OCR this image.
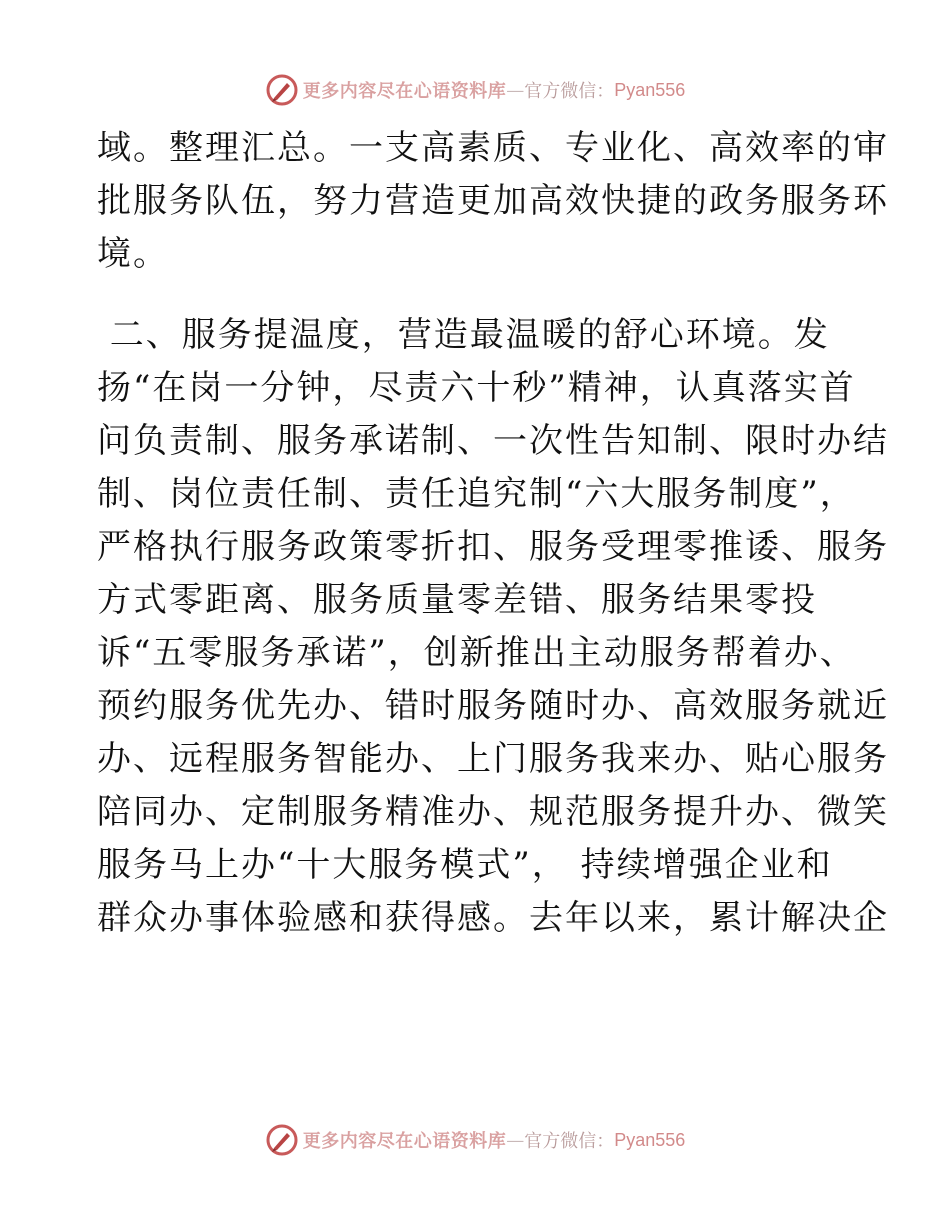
更多内容尽在心语资料库 — 官方微信： Pyan556
域。整理汇总。一支高素质、专业化、高效率的审
批服务队伍，努力营造更加高效快捷的政务服务环
境。
二、服务提温度，营造最温暖的舒心环境。发
扬“在岗一分钟，尽责六十秒”精神，认真落实首
问负责制、服务承诺制、一次性告知制、限时办结
制、岗位责任制、责任追究制“六大服务制度”，
严格执行服务政策零折扣、服务受理零推诿、服务
方式零距离、服务质量零差错、服务结果零投
诉“五零服务承诺”，创新推出主动服务帮着办、
预约服务优先办、错时服务随时办、高效服务就近
办、远程服务智能办、上门服务我来办、贴心服务
陪同办、定制服务精准办、规范服务提升办、微笑
服务马上办“十大服务模式”， 持续增强企业和
群众办事体验感和获得感。去年以来，累计解决企
更多内容尽在心语资料库 — 官方微信： Pyan556
